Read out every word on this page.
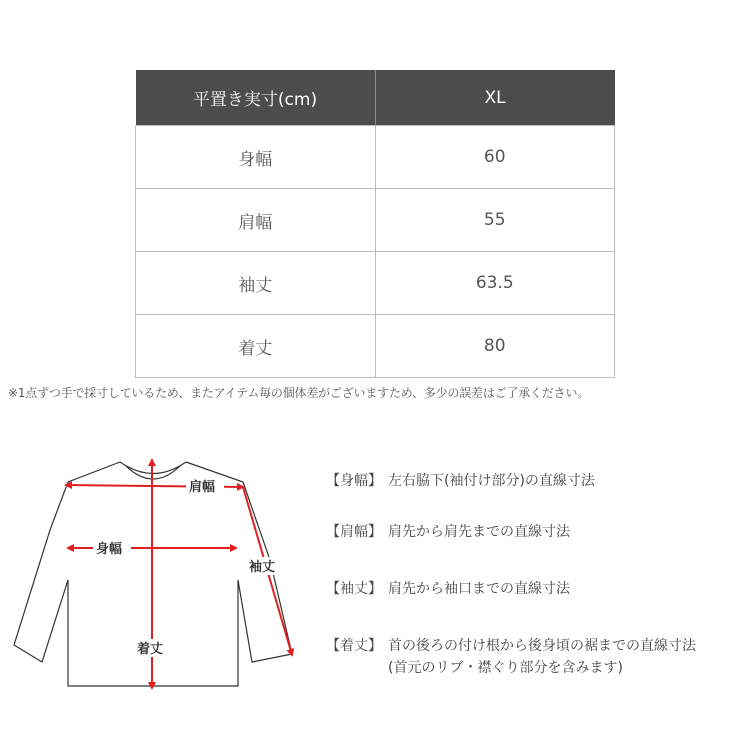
平置き実寸(cm)	XL
身幅	60
肩幅	55
袖丈	63.5
着丈	80
※1点ずつ手で採寸しているため、またアイテム毎の個体差がございますため、多少の誤差はご了承ください。
肩幅
身幅
袖丈
着丈
【身幅】 左右脇下(袖付け部分)の直線寸法
【肩幅】 肩先から肩先までの直線寸法
【袖丈】 肩先から袖口までの直線寸法
【着丈】 首の後ろの付け根から後身頃の裾までの直線寸法
(首元のリブ・襟ぐり部分を含みます)
